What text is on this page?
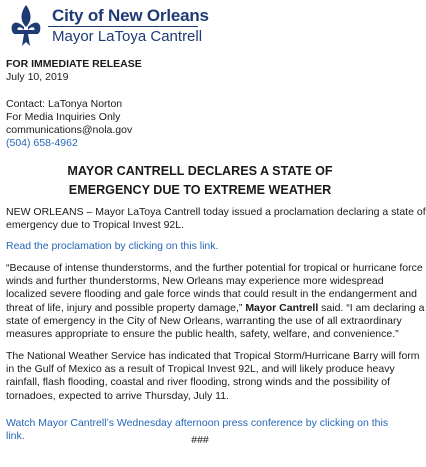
City of New Orleans
Mayor LaToya Cantrell
FOR IMMEDIATE RELEASE
July 10, 2019
Contact: LaTonya Norton
For Media Inquiries Only
communications@nola.gov
(504) 658-4962
MAYOR CANTRELL DECLARES A STATE OF
EMERGENCY DUE TO EXTREME WEATHER
NEW ORLEANS – Mayor LaToya Cantrell today issued a proclamation declaring a state of
emergency due to Tropical Invest 92L.
Read the proclamation by clicking on this link.
“Because of intense thunderstorms, and the further potential for tropical or hurricane force
winds and further thunderstorms, New Orleans may experience more widespread
localized severe flooding and gale force winds that could result in the endangerment and
threat of life, injury and possible property damage,” Mayor Cantrell said. “I am declaring a
state of emergency in the City of New Orleans, warranting the use of all extraordinary
measures appropriate to ensure the public health, safety, welfare, and convenience.”
The National Weather Service has indicated that Tropical Storm/Hurricane Barry will form
in the Gulf of Mexico as a result of Tropical Invest 92L, and will likely produce heavy
rainfall, flash flooding, coastal and river flooding, strong winds and the possibility of
tornadoes, expected to arrive Thursday, July 11.
Watch Mayor Cantrell’s Wednesday afternoon press conference by clicking on this link.	###
